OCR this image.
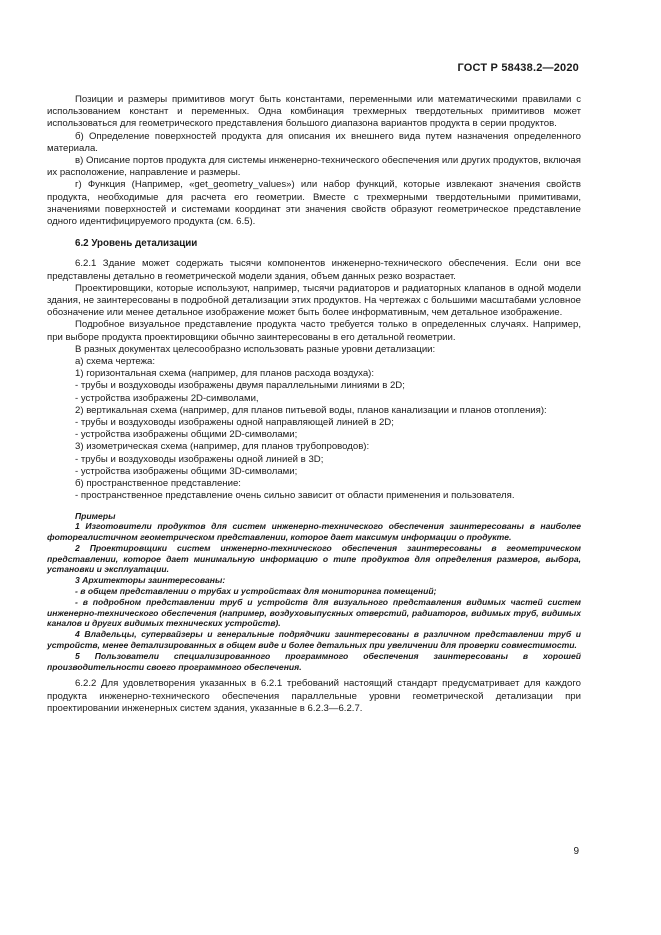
ГОСТ Р 58438.2—2020

Позиции и размеры примитивов могут быть константами, переменными или математическими правилами с использованием констант и переменных. Одна комбинация трехмерных твердотельных примитивов может использоваться для геометрического представления большого диапазона вариантов продукта в серии продуктов.

б) Определение поверхностей продукта для описания их внешнего вида путем назначения определенного материала.

в) Описание портов продукта для системы инженерно-технического обеспечения или других продуктов, включая их расположение, направление и размеры.

г) Функция (Например, «get_geometry_values») или набор функций, которые извлекают значения свойств продукта, необходимые для расчета его геометрии. Вместе с трехмерными твердотельными примитивами, значениями поверхностей и системами координат эти значения свойств образуют геометрическое представление одного идентифицируемого продукта (см. 6.5).

6.2 Уровень детализации

6.2.1 Здание может содержать тысячи компонентов инженерно-технического обеспечения. Если они все представлены детально в геометрической модели здания, объем данных резко возрастает.

Проектировщики, которые используют, например, тысячи радиаторов и радиаторных клапанов в одной модели здания, не заинтересованы в подробной детализации этих продуктов. На чертежах с большими масштабами условное обозначение или менее детальное изображение может быть более информативным, чем детальное изображение.

Подробное визуальное представление продукта часто требуется только в определенных случаях. Например, при выборе продукта проектировщики обычно заинтересованы в его детальной геометрии.

В разных документах целесообразно использовать разные уровни детализации:

а) схема чертежа:

1) горизонтальная схема (например, для планов расхода воздуха):

- трубы и воздуховоды изображены двумя параллельными линиями в 2D;

- устройства изображены 2D-символами,

2) вертикальная схема (например, для планов питьевой воды, планов канализации и планов отопления):

- трубы и воздуховоды изображены одной направляющей линией в 2D;

- устройства изображены общими 2D-символами;

3) изометрическая схема (например, для планов трубопроводов):

- трубы и воздуховоды изображены одной линией в 3D;

- устройства изображены общими 3D-символами;

б) пространственное представление:

- пространственное представление очень сильно зависит от области применения и пользователя.

Примеры

1 Изготовители продуктов для систем инженерно-технического обеспечения заинтересованы в наиболее фотореалистичном геометрическом представлении, которое дает максимум информации о продукте.

2 Проектировщики систем инженерно-технического обеспечения заинтересованы в геометрическом представлении, которое дает минимальную информацию о типе продуктов для определения размеров, выбора, установки и эксплуатации.

3 Архитекторы заинтересованы:

- в общем представлении о трубах и устройствах для мониторинга помещений;

- в подробном представлении труб и устройств для визуального представления видимых частей систем инженерно-технического обеспечения (например, воздуховыпускных отверстий, радиаторов, видимых труб, видимых каналов и других видимых технических устройств).

4 Владельцы, супервайзеры и генеральные подрядчики заинтересованы в различном представлении труб и устройств, менее детализированных в общем виде и более детальных при увеличении для проверки совместимости.

5 Пользователи специализированного программного обеспечения заинтересованы в хорошей производительности своего программного обеспечения.

6.2.2 Для удовлетворения указанных в 6.2.1 требований настоящий стандарт предусматривает для каждого продукта инженерно-технического обеспечения параллельные уровни геометрической детализации при проектировании инженерных систем здания, указанные в 6.2.3—6.2.7.

9
